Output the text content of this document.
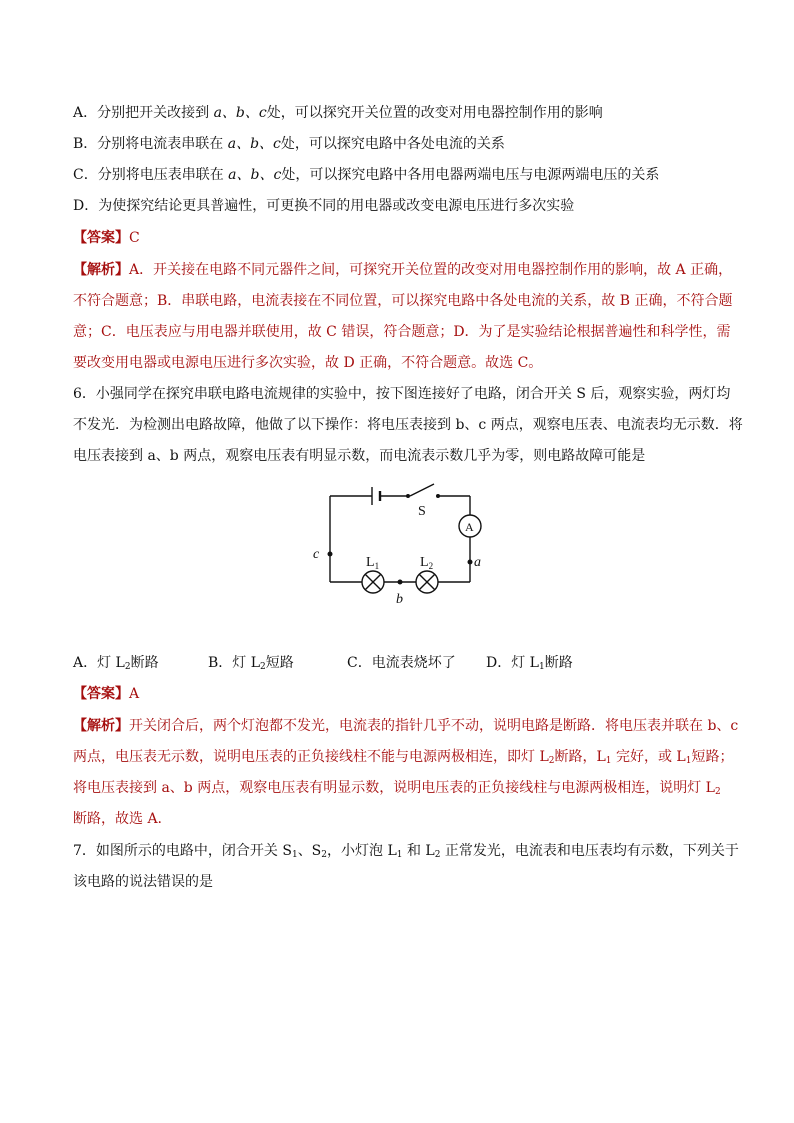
A．分别把开关改接到 a、b、c处，可以探究开关位置的改变对用电器控制作用的影响
B．分别将电流表串联在 a、b、c处，可以探究电路中各处电流的关系
C．分别将电压表串联在 a、b、c处，可以探究电路中各用电器两端电压与电源两端电压的关系
D．为使探究结论更具普遍性，可更换不同的用电器或改变电源电压进行多次实验
【答案】C
【解析】A．开关接在电路不同元器件之间，可探究开关位置的改变对用电器控制作用的影响，故 A 正确，
不符合题意；B．串联电路，电流表接在不同位置，可以探究电路中各处电流的关系，故 B 正确，不符合题
意；C．电压表应与用电器并联使用，故 C 错误，符合题意；D．为了是实验结论根据普遍性和科学性，需
要改变用电器或电源电压进行多次实验，故 D 正确，不符合题意。故选 C。
6．小强同学在探究串联电路电流规律的实验中，按下图连接好了电路，闭合开关 S 后，观察实验，两灯均
不发光．为检测出电路故障，他做了以下操作：将电压表接到 b、c 两点，观察电压表、电流表均无示数．将
电压表接到 a、b 两点，观察电压表有明显示数，而电流表示数几乎为零，则电路故障可能是
S
A
a
b
c
$L_1$	$L_2$
A．灯 $L_2$断路	B．灯 $L_2$短路	C．电流表烧坏了 D．灯 $L_1$断路
【答案】A
【解析】开关闭合后，两个灯泡都不发光，电流表的指针几乎不动，说明电路是断路．将电压表并联在 b、c
两点，电压表无示数，说明电压表的正负接线柱不能与电源两极相连，即灯 $L_2$断路，$L_1$ 完好，或 $L_1$短路；
将电压表接到 a、b 两点，观察电压表有明显示数，说明电压表的正负接线柱与电源两极相连，说明灯 $L_2$
断路，故选 A.
7．如图所示的电路中，闭合开关 $S_1$、$S_2$，小灯泡 $L_1$ 和 $L_2$ 正常发光，电流表和电压表均有示数，下列关于
该电路的说法错误的是
